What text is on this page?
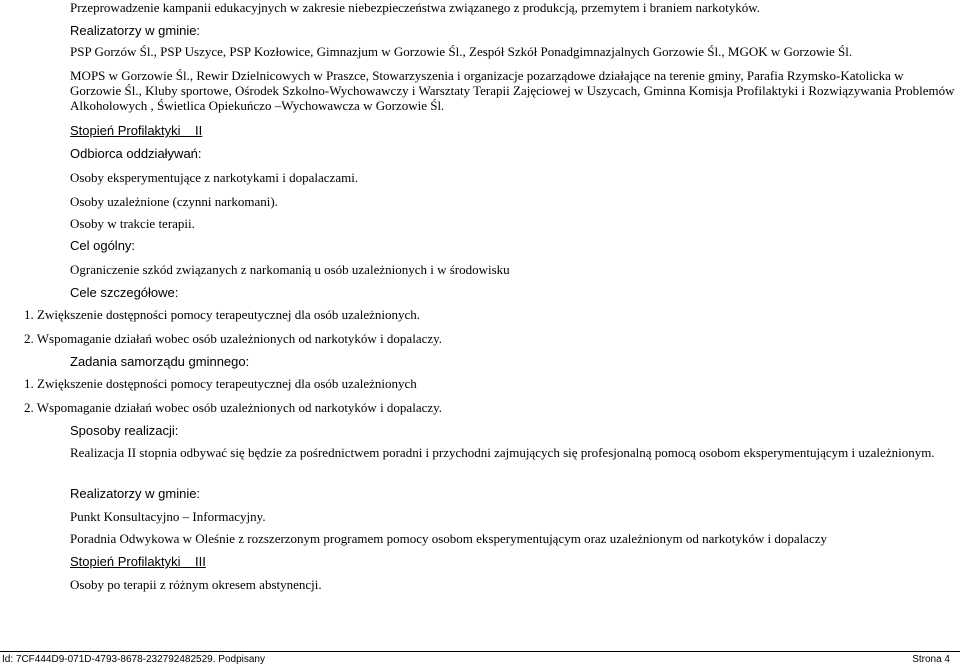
Przeprowadzenie kampanii edukacyjnych w zakresie niebezpieczeństwa związanego z produkcją, przemytem i braniem narkotyków.
Realizatorzy w gminie:
PSP Gorzów Śl., PSP Uszyce, PSP Kozłowice, Gimnazjum w Gorzowie Śl., Zespół Szkół Ponadgimnazjalnych Gorzowie Śl., MGOK w Gorzowie Śl.
MOPS w Gorzowie Śl., Rewir Dzielnicowych w Praszce, Stowarzyszenia i organizacje pozarządowe działające na terenie gminy, Parafia Rzymsko-Katolicka w Gorzowie Śl., Kluby sportowe, Ośrodek Szkolno-Wychowawczy i Warsztaty Terapii Zajęciowej w Uszycach, Gminna Komisja Profilaktyki i Rozwiązywania Problemów Alkoholowych , Świetlica Opiekuńczo –Wychowawcza w Gorzowie Śl.
Stopień Profilaktyki    II
Odbiorca oddziaływań:
Osoby eksperymentujące z narkotykami i dopalaczami.
Osoby uzależnione (czynni narkomani).
Osoby w trakcie terapii.
Cel ogólny:
Ograniczenie szkód związanych z narkomanią u osób uzależnionych i w środowisku
Cele szczegółowe:
1. Zwiększenie dostępności pomocy terapeutycznej dla osób uzależnionych.
2. Wspomaganie działań wobec osób uzależnionych od narkotyków i dopalaczy.
Zadania samorządu gminnego:
1. Zwiększenie dostępności pomocy terapeutycznej dla osób uzależnionych
2. Wspomaganie działań wobec osób uzależnionych od narkotyków i dopalaczy.
Sposoby realizacji:
Realizacja II stopnia odbywać się będzie za pośrednictwem poradni i przychodni zajmujących się profesjonalną pomocą osobom eksperymentującym i uzależnionym.
Realizatorzy w gminie:
Punkt Konsultacyjno – Informacyjny.
Poradnia Odwykowa w Oleśnie z rozszerzonym programem pomocy osobom eksperymentującym oraz uzależnionym od narkotyków i dopalaczy
Stopień Profilaktyki    III
Osoby po terapii z różnym okresem abstynencji.
Id: 7CF444D9-071D-4793-8678-232792482529. Podpisany	Strona 4
